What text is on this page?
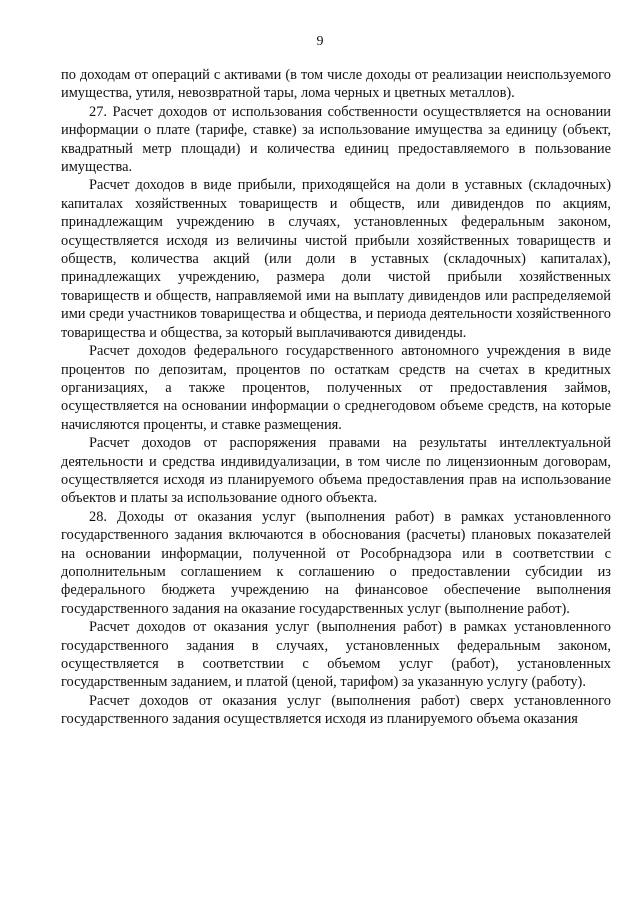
9

по доходам от операций с активами (в том числе доходы от реализации неиспользуемого имущества, утиля, невозвратной тары, лома черных и цветных металлов).

27. Расчет доходов от использования собственности осуществляется на основании информации о плате (тарифе, ставке) за использование имущества за единицу (объект, квадратный метр площади) и количества единиц предоставляемого в пользование имущества.

Расчет доходов в виде прибыли, приходящейся на доли в уставных (складочных) капиталах хозяйственных товариществ и обществ, или дивидендов по акциям, принадлежащим учреждению в случаях, установленных федеральным законом, осуществляется исходя из величины чистой прибыли хозяйственных товариществ и обществ, количества акций (или доли в уставных (складочных) капиталах), принадлежащих учреждению, размера доли чистой прибыли хозяйственных товариществ и обществ, направляемой ими на выплату дивидендов или распределяемой ими среди участников товарищества и общества, и периода деятельности хозяйственного товарищества и общества, за который выплачиваются дивиденды.

Расчет доходов федерального государственного автономного учреждения в виде процентов по депозитам, процентов по остаткам средств на счетах в кредитных организациях, а также процентов, полученных от предоставления займов, осуществляется на основании информации о среднегодовом объеме средств, на которые начисляются проценты, и ставке размещения.

Расчет доходов от распоряжения правами на результаты интеллектуальной деятельности и средства индивидуализации, в том числе по лицензионным договорам, осуществляется исходя из планируемого объема предоставления прав на использование объектов и платы за использование одного объекта.

28. Доходы от оказания услуг (выполнения работ) в рамках установленного государственного задания включаются в обоснования (расчеты) плановых показателей на основании информации, полученной от Рособрнадзора или в соответствии с дополнительным соглашением к соглашению о предоставлении субсидии из федерального бюджета учреждению на финансовое обеспечение выполнения государственного задания на оказание государственных услуг (выполнение работ).

Расчет доходов от оказания услуг (выполнения работ) в рамках установленного государственного задания в случаях, установленных федеральным законом, осуществляется в соответствии с объемом услуг (работ), установленных государственным заданием, и платой (ценой, тарифом) за указанную услугу (работу).

Расчет доходов от оказания услуг (выполнения работ) сверх установленного государственного задания осуществляется исходя из планируемого объема оказания
